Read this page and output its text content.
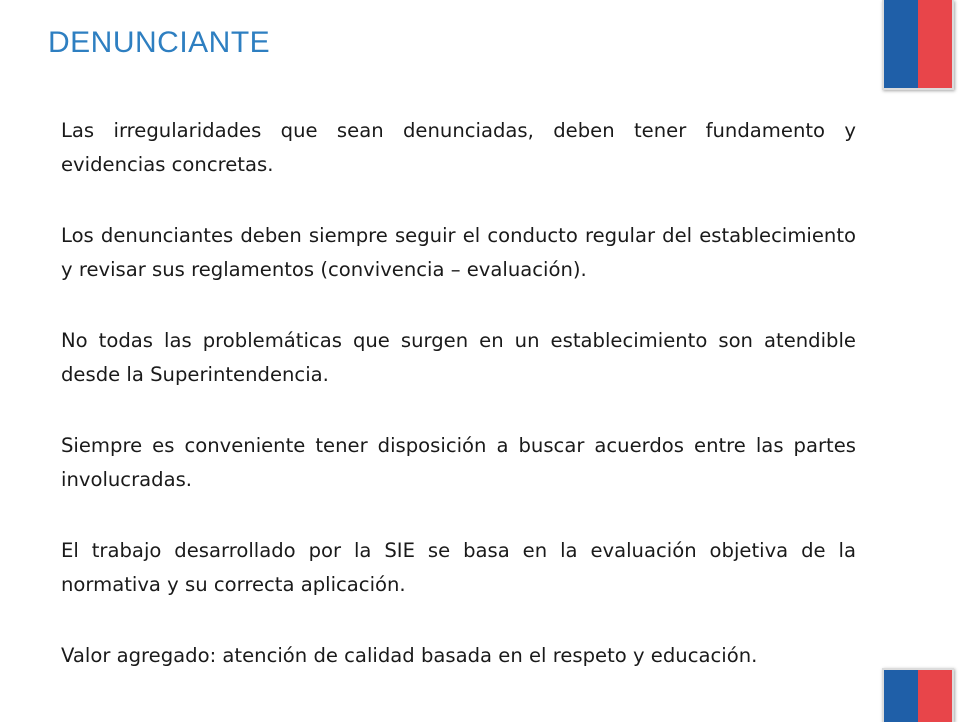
DENUNCIANTE

Las irregularidades que sean denunciadas, deben tener fundamento y evidencias concretas.

Los denunciantes deben siempre seguir el conducto regular del establecimiento y revisar sus reglamentos (convivencia – evaluación).

No todas las problemáticas que surgen en un establecimiento son atendible desde la Superintendencia.

Siempre es conveniente tener disposición a buscar acuerdos entre las partes involucradas.

El trabajo desarrollado por la SIE se basa en la evaluación objetiva de la normativa y su correcta aplicación.

Valor agregado: atención de calidad basada en el respeto y educación.
